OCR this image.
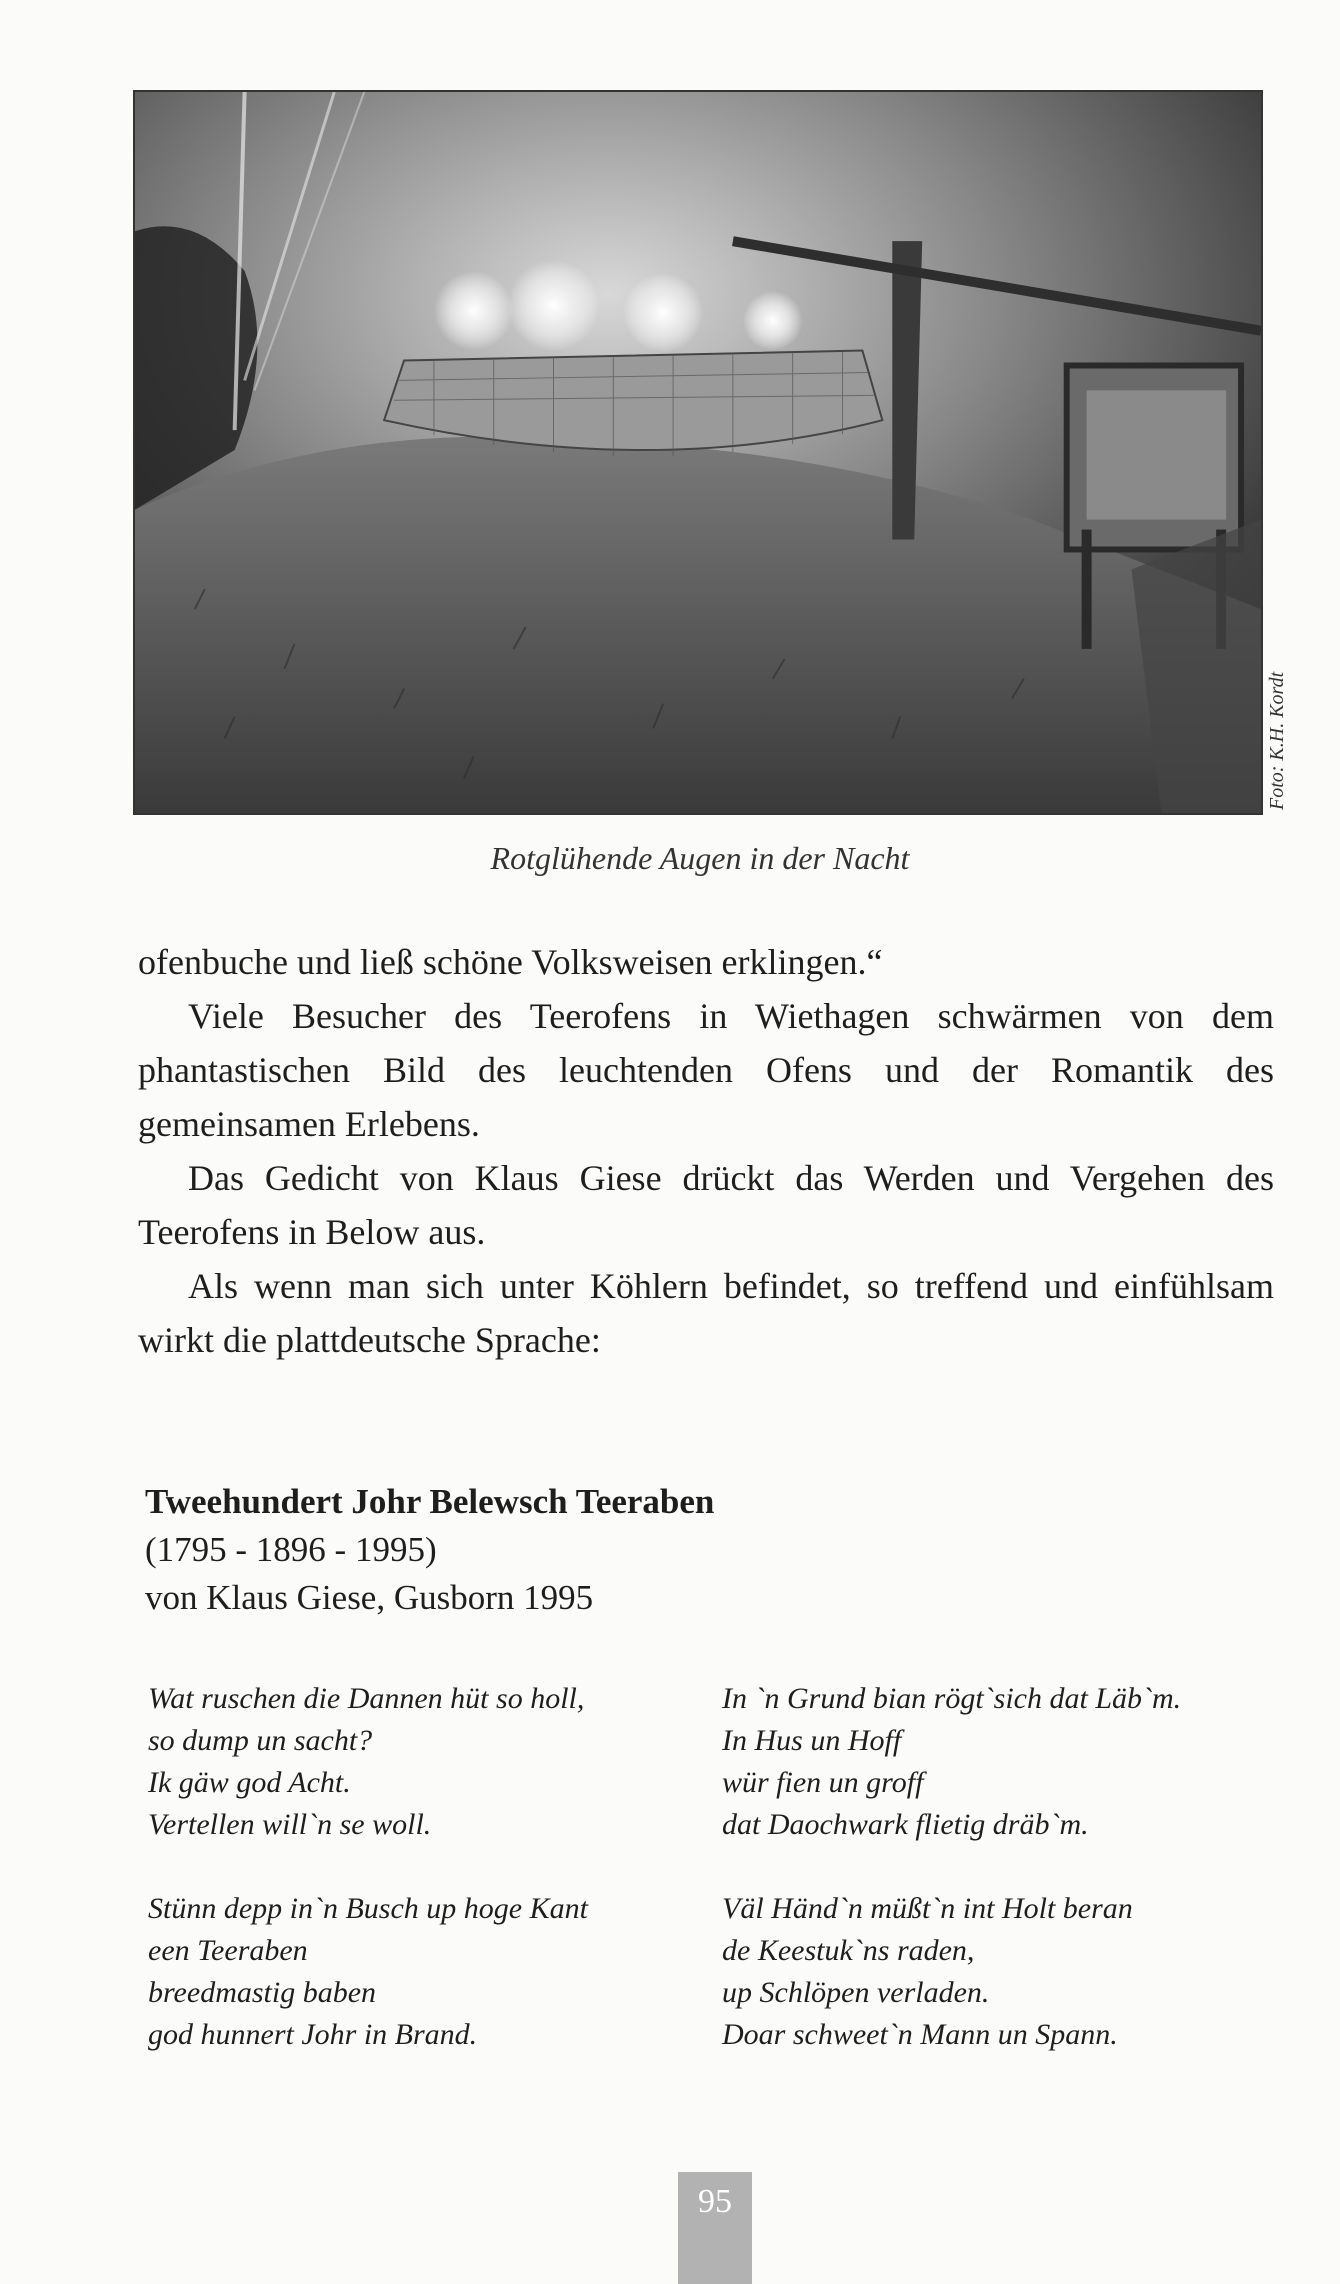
Foto: K.H. Kordt
Rotglühende Augen in der Nacht

ofenbuche und ließ schöne Volksweisen erklingen.“

Viele Besucher des Teerofens in Wiethagen schwärmen von dem phantastischen Bild des leuchtenden Ofens und der Romantik des gemeinsamen Erlebens.

Das Gedicht von Klaus Giese drückt das Werden und Vergehen des Teerofens in Below aus.

Als wenn man sich unter Köhlern befindet, so treffend und einfühlsam wirkt die plattdeutsche Sprache:

Tweehundert Johr Belewsch Teeraben
(1795 - 1896 - 1995)
von Klaus Giese, Gusborn 1995
Wat ruschen die Dannen hüt so holl,
so dump un sacht?
Ik gäw god Acht.
Vertellen will`n se woll.
Stünn depp in`n Busch up hoge Kant
een Teeraben
breedmastig baben
god hunnert Johr in Brand.
In `n Grund bian rögt`sich dat Läb`m.
In Hus un Hoff
wür fien un groff
dat Daochwark flietig dräb`m.
Väl Händ`n müßt`n int Holt beran
de Keestuk`ns raden,
up Schlöpen verladen.
Doar schweet`n Mann un Spann.
95
